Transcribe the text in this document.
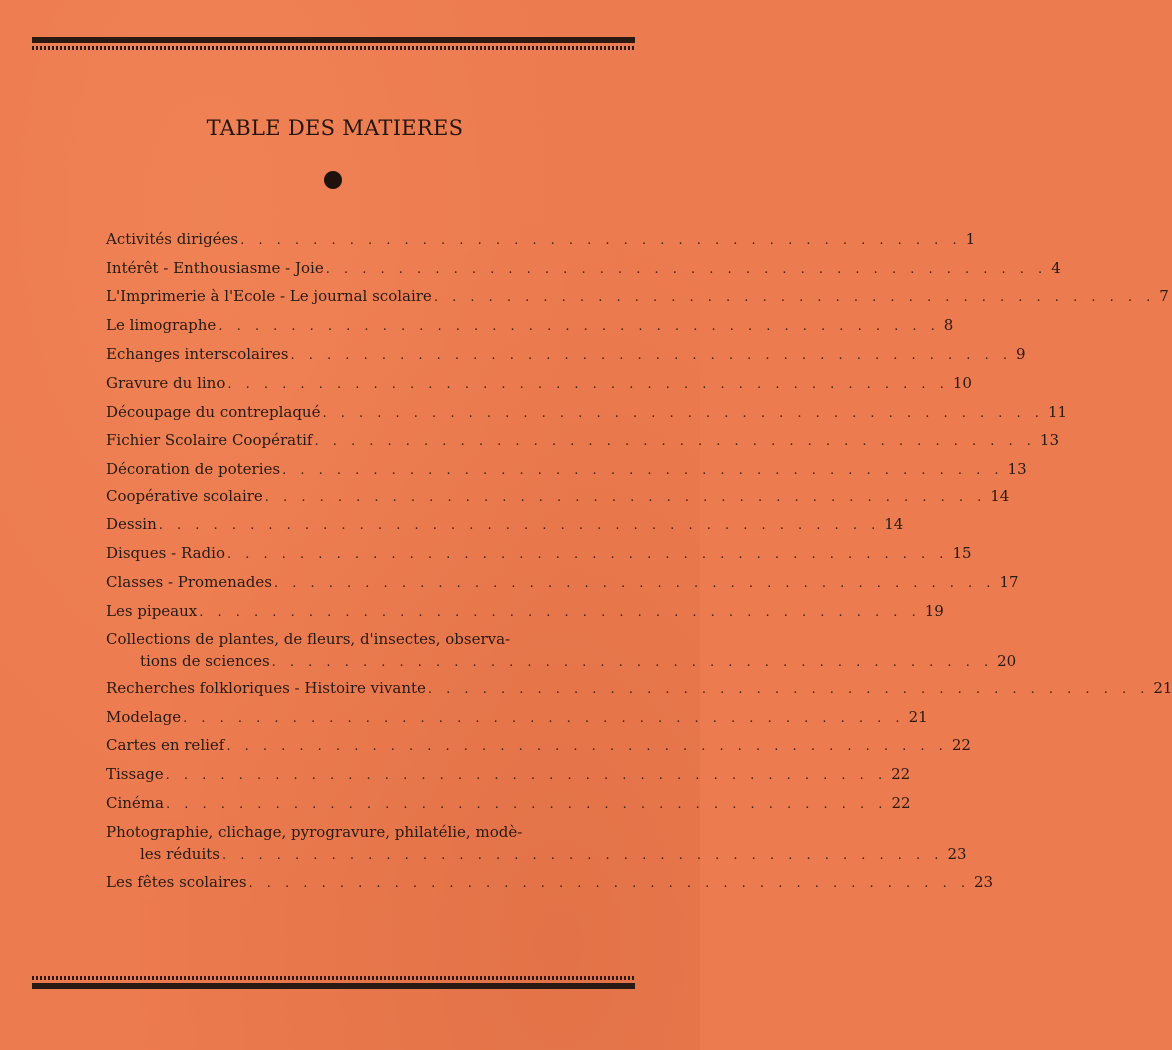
TABLE DES MATIERES
Activités dirigées . . . . . . . . . . . . . . . . . . . . . . . . . . . . . . . . . . . . . . . . 1
Intérêt - Enthousiasme - Joie . . . . . . . . . . . . . . . . . . . . . . . . . . . . . . . . . . . . . . . . 4
L'Imprimerie à l'Ecole - Le journal scolaire . . . . . . . . . . . . . . . . . . . . . . . . . . . . . . . . . . . . . . . . 7
Le limographe . . . . . . . . . . . . . . . . . . . . . . . . . . . . . . . . . . . . . . . . 8
Echanges interscolaires . . . . . . . . . . . . . . . . . . . . . . . . . . . . . . . . . . . . . . . . 9
Gravure du lino . . . . . . . . . . . . . . . . . . . . . . . . . . . . . . . . . . . . . . . . 10
Découpage du contreplaqué . . . . . . . . . . . . . . . . . . . . . . . . . . . . . . . . . . . . . . . . 11
Fichier Scolaire Coopératif . . . . . . . . . . . . . . . . . . . . . . . . . . . . . . . . . . . . . . . . 13
Décoration de poteries . . . . . . . . . . . . . . . . . . . . . . . . . . . . . . . . . . . . . . . . 13
Coopérative scolaire . . . . . . . . . . . . . . . . . . . . . . . . . . . . . . . . . . . . . . . . 14
Dessin . . . . . . . . . . . . . . . . . . . . . . . . . . . . . . . . . . . . . . . . 14
Disques - Radio . . . . . . . . . . . . . . . . . . . . . . . . . . . . . . . . . . . . . . . . 15
Classes - Promenades . . . . . . . . . . . . . . . . . . . . . . . . . . . . . . . . . . . . . . . . 17
Les pipeaux . . . . . . . . . . . . . . . . . . . . . . . . . . . . . . . . . . . . . . . . 19
Collections de plantes, de fleurs, d'insectes, observa-
tions de sciences . . . . . . . . . . . . . . . . . . . . . . . . . . . . . . . . . . . . . . . . 20
Recherches folkloriques - Histoire vivante . . . . . . . . . . . . . . . . . . . . . . . . . . . . . . . . . . . . . . . . 21
Modelage . . . . . . . . . . . . . . . . . . . . . . . . . . . . . . . . . . . . . . . . 21
Cartes en relief . . . . . . . . . . . . . . . . . . . . . . . . . . . . . . . . . . . . . . . . 22
Tissage . . . . . . . . . . . . . . . . . . . . . . . . . . . . . . . . . . . . . . . . 22
Cinéma . . . . . . . . . . . . . . . . . . . . . . . . . . . . . . . . . . . . . . . . 22
Photographie, clichage, pyrogravure, philatélie, modè-
les réduits . . . . . . . . . . . . . . . . . . . . . . . . . . . . . . . . . . . . . . . . 23
Les fêtes scolaires . . . . . . . . . . . . . . . . . . . . . . . . . . . . . . . . . . . . . . . . 23
